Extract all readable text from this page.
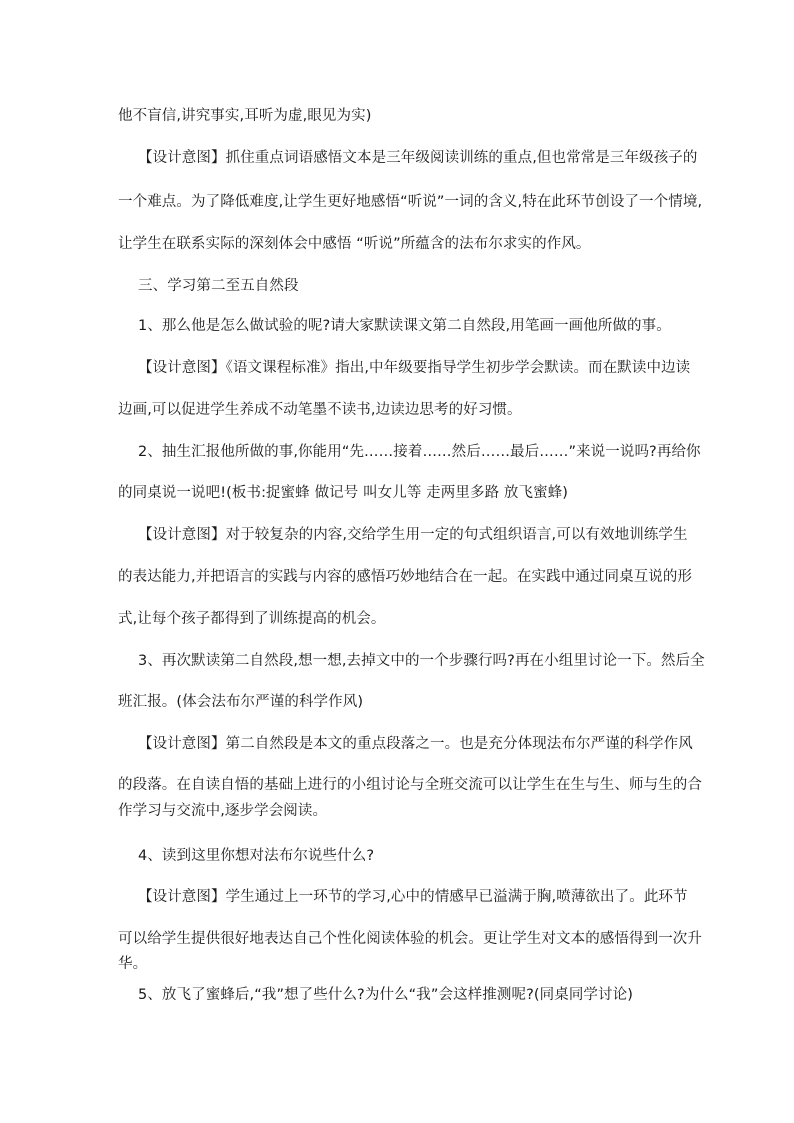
他不盲信,讲究事实,耳听为虚,眼见为实)

【设计意图】抓住重点词语感悟文本是三年级阅读训练的重点,但也常常是三年级孩子的

一个难点。为了降低难度,让学生更好地感悟“听说”一词的含义,特在此环节创设了一个情境,

让学生在联系实际的深刻体会中感悟 “听说”所蕴含的法布尔求实的作风。

三、学习第二至五自然段

1、那么他是怎么做试验的呢?请大家默读课文第二自然段,用笔画一画他所做的事。

【设计意图】《语文课程标准》指出,中年级要指导学生初步学会默读。而在默读中边读

边画,可以促进学生养成不动笔墨不读书,边读边思考的好习惯。

2、抽生汇报他所做的事,你能用“先……接着……然后……最后……”来说一说吗?再给你

的同桌说一说吧!(板书:捉蜜蜂 做记号 叫女儿等 走两里多路 放飞蜜蜂)

【设计意图】对于较复杂的内容,交给学生用一定的句式组织语言,可以有效地训练学生

的表达能力,并把语言的实践与内容的感悟巧妙地结合在一起。在实践中通过同桌互说的形

式,让每个孩子都得到了训练提高的机会。

3、再次默读第二自然段,想一想,去掉文中的一个步骤行吗?再在小组里讨论一下。然后全

班汇报。(体会法布尔严谨的科学作风)

【设计意图】第二自然段是本文的重点段落之一。也是充分体现法布尔严谨的科学作风

的段落。在自读自悟的基础上进行的小组讨论与全班交流可以让学生在生与生、师与生的合

作学习与交流中,逐步学会阅读。

4、读到这里你想对法布尔说些什么?

【设计意图】学生通过上一环节的学习,心中的情感早已溢满于胸,喷薄欲出了。此环节

可以给学生提供很好地表达自己个性化阅读体验的机会。更让学生对文本的感悟得到一次升

华。

5、放飞了蜜蜂后,“我”想了些什么?为什么“我”会这样推测呢?(同桌同学讨论)
